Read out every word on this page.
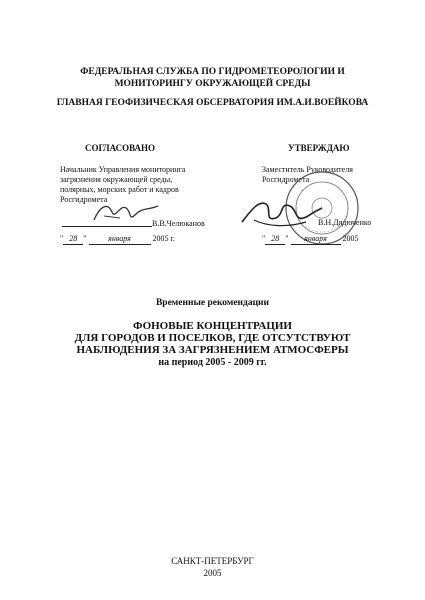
ФЕДЕРАЛЬНАЯ СЛУЖБА ПО ГИДРОМЕТЕОРОЛОГИИ И
МОНИТОРИНГУ ОКРУЖАЮЩЕЙ СРЕДЫ
ГЛАВНАЯ ГЕОФИЗИЧЕСКАЯ ОБСЕРВАТОРИЯ ИМ.А.И.ВОЕЙКОВА
СОГЛАСОВАНО
Начальник Управления мониторинга
загрязнения окружающей среды,
полярных, морских работ и кадров
Росгидромета
В.В.Челюканов
" 28 " января	2005 г.
УТВЕРЖДАЮ
Заместитель Руководителя
Росгидромета
В.Н.Дядюченко
" 28 " января 2005
Временные рекомендации
ФОНОВЫЕ КОНЦЕНТРАЦИИ
ДЛЯ ГОРОДОВ И ПОСЕЛКОВ, ГДЕ ОТСУТСТВУЮТ
НАБЛЮДЕНИЯ ЗА ЗАГРЯЗНЕНИЕМ АТМОСФЕРЫ
на период 2005 - 2009 гг.
САНКТ-ПЕТЕРБУРГ
2005
